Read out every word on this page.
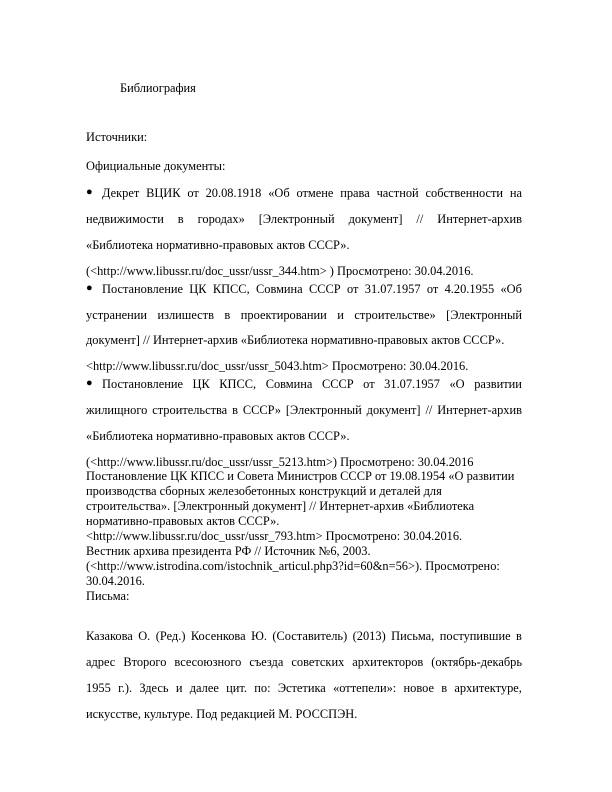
Библиография
Источники:
Официальные документы:
● Декрет ВЦИК от 20.08.1918 «Об отмене права частной собственности на
недвижимости в городах» [Электронный документ] // Интернет-архив
«Библиотека нормативно-правовых актов СССР».
(<http://www.libussr.ru/doc_ussr/ussr_344.htm> ) Просмотрено: 30.04.2016.
● Постановление ЦК КПСС, Совмина СССР от 31.07.1957 от 4.20.1955 «Об
устранении излишеств в проектировании и строительстве» [Электронный
документ] // Интернет-архив «Библиотека нормативно-правовых актов СССР».
<http://www.libussr.ru/doc_ussr/ussr_5043.htm> Просмотрено: 30.04.2016.
● Постановление ЦК КПСС, Совмина СССР от 31.07.1957 «О развитии
жилищного строительства в СССР» [Электронный документ] // Интернет-архив
«Библиотека нормативно-правовых актов СССР».
(<http://www.libussr.ru/doc_ussr/ussr_5213.htm>) Просмотрено: 30.04.2016
Постановление ЦК КПСС и Совета Министров СССР от 19.08.1954 «О развитии
производства сборных железобетонных конструкций и деталей для
строительства». [Электронный документ] // Интернет-архив «Библиотека
нормативно-правовых актов СССР».
<http://www.libussr.ru/doc_ussr/ussr_793.htm> Просмотрено: 30.04.2016.
Вестник архива президента РФ // Источник №6, 2003.
(<http://www.istrodina.com/istochnik_articul.php3?id=60&n=56>). Просмотрено:
30.04.2016.
Письма:
Казакова О. (Ред.) Косенкова Ю. (Составитель) (2013) Письма, поступившие в
адрес Второго всесоюзного съезда советских архитекторов (октябрь-декабрь
1955 г.). Здесь и далее цит. по: Эстетика «оттепели»: новое в архитектуре,
искусстве, культуре. Под редакцией М. РОССПЭН.
